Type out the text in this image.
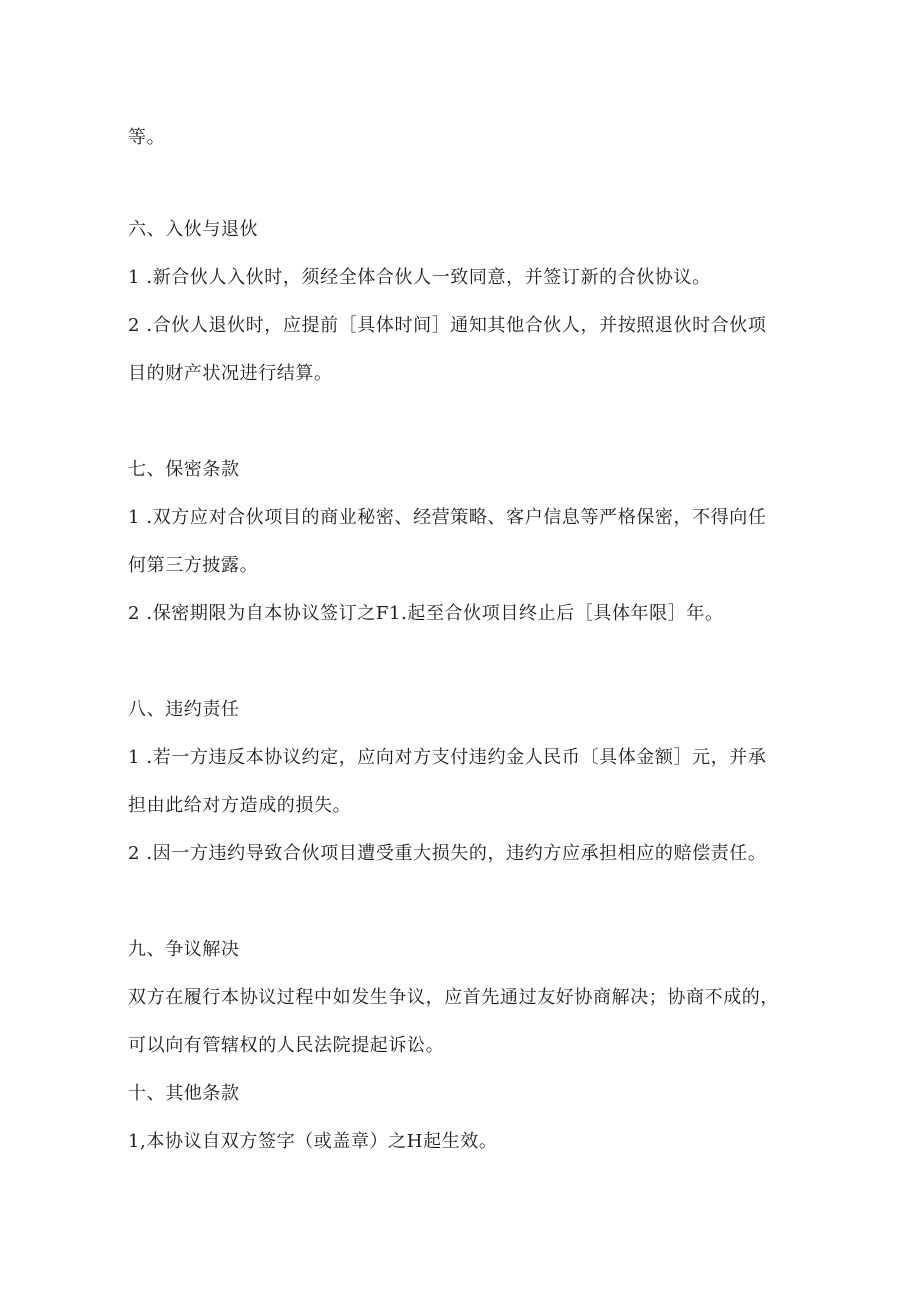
等。
六、入伙与退伙
1 .新合伙人入伙时，须经全体合伙人一致同意，并签订新的合伙协议。
2 .合伙人退伙时，应提前［具体时间］通知其他合伙人，并按照退伙时合伙项
目的财产状况进行结算。
七、保密条款
1 .双方应对合伙项目的商业秘密、经营策略、客户信息等严格保密，不得向任
何第三方披露。
2 .保密期限为自本协议签订之F1.起至合伙项目终止后［具体年限］年。
八、违约责任
1 .若一方违反本协议约定，应向对方支付违约金人民币〔具体金额］元，并承
担由此给对方造成的损失。
2 .因一方违约导致合伙项目遭受重大损失的，违约方应承担相应的赔偿责任。
九、争议解决
双方在履行本协议过程中如发生争议，应首先通过友好协商解决；协商不成的，
可以向有管辖权的人民法院提起诉讼。
十、其他条款
1,本协议自双方签字（或盖章）之H起生效。
